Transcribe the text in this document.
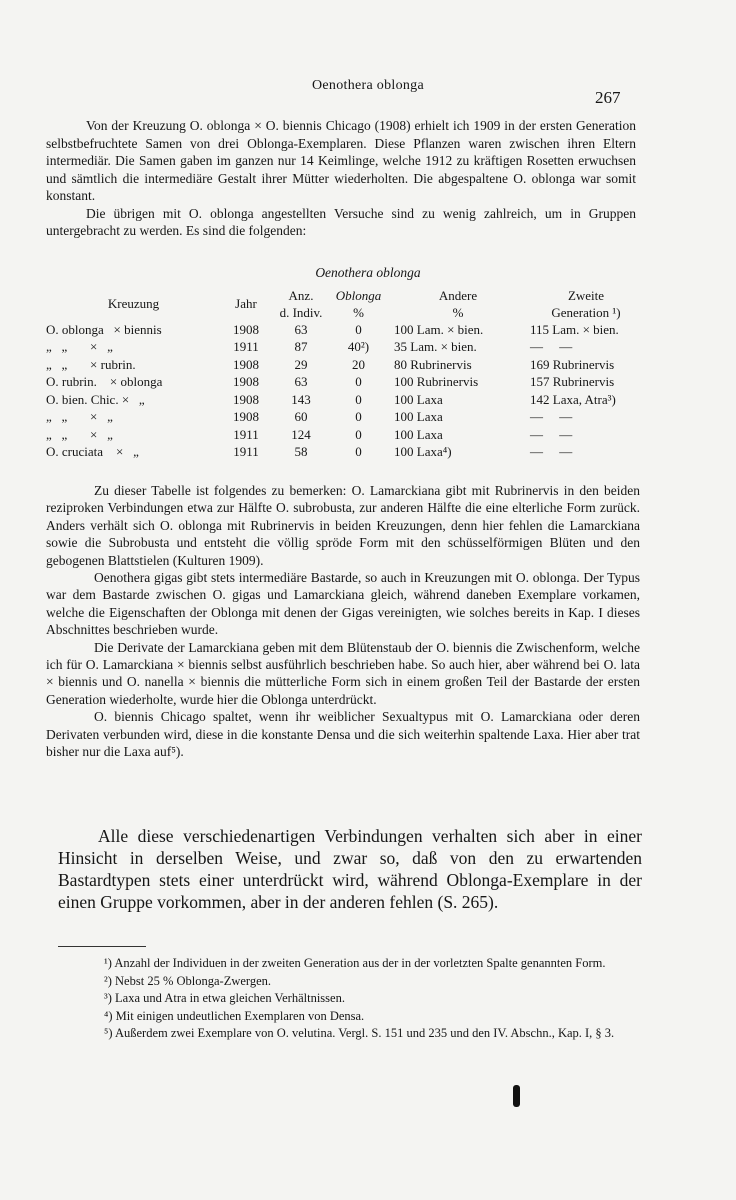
Oenothera oblonga
267

Von der Kreuzung O. oblonga × O. biennis Chicago (1908) erhielt ich 1909 in der ersten Generation selbstbefruchtete Samen von drei Oblonga-Exemplaren. Diese Pflanzen waren zwischen ihren Eltern intermediär. Die Samen gaben im ganzen nur 14 Keimlinge, welche 1912 zu kräftigen Rosetten erwuchsen und sämtlich die intermediäre Gestalt ihrer Mütter wiederholten. Die abgespaltene O. oblonga war somit konstant.

Die übrigen mit O. oblonga angestellten Versuche sind zu wenig zahlreich, um in Gruppen untergebracht zu werden. Es sind die folgenden:

Oenothera oblonga
Kreuzung	Jahr	Anz.	Oblonga	Andere	Zweite
		d. Indiv.	%	%	Generation ¹)
O. oblonga   × biennis	1908	63	0	100 Lam. × bien.	115 Lam. × bien.
„   „       ×   „	1911	87	40²)	35 Lam. × bien.	—     —
„   „       × rubrin.	1908	29	20	80 Rubrinervis	169 Rubrinervis
O. rubrin.    × oblonga	1908	63	0	100 Rubrinervis	157 Rubrinervis
O. bien. Chic. ×   „	1908	143	0	100 Laxa	142 Laxa, Atra³)
„   „       ×   „	1908	60	0	100 Laxa	—     —
„   „       ×   „	1911	124	0	100 Laxa	—     —
O. cruciata    ×   „	1911	58	0	100 Laxa⁴)	—     —

Zu dieser Tabelle ist folgendes zu bemerken: O. Lamarckiana gibt mit Rubrinervis in den beiden reziproken Verbindungen etwa zur Hälfte O. subrobusta, zur anderen Hälfte die eine elterliche Form zurück. Anders verhält sich O. oblonga mit Rubrinervis in beiden Kreuzungen, denn hier fehlen die Lamarckiana sowie die Subrobusta und entsteht die völlig spröde Form mit den schüsselförmigen Blüten und den gebogenen Blattstielen (Kulturen 1909).

Oenothera gigas gibt stets intermediäre Bastarde, so auch in Kreuzungen mit O. oblonga. Der Typus war dem Bastarde zwischen O. gigas und Lamarckiana gleich, während daneben Exemplare vorkamen, welche die Eigenschaften der Oblonga mit denen der Gigas vereinigten, wie solches bereits in Kap. I dieses Abschnittes beschrieben wurde.

Die Derivate der Lamarckiana geben mit dem Blütenstaub der O. biennis die Zwischenform, welche ich für O. Lamarckiana × biennis selbst ausführlich beschrieben habe. So auch hier, aber während bei O. lata × biennis und O. nanella × biennis die mütterliche Form sich in einem großen Teil der Bastarde der ersten Generation wiederholte, wurde hier die Oblonga unterdrückt.

O. biennis Chicago spaltet, wenn ihr weiblicher Sexualtypus mit O. Lamarckiana oder deren Derivaten verbunden wird, diese in die konstante Densa und die sich weiterhin spaltende Laxa. Hier aber trat bisher nur die Laxa auf⁵).

Alle diese verschiedenartigen Verbindungen verhalten sich aber in einer Hinsicht in derselben Weise, und zwar so, daß von den zu erwartenden Bastardtypen stets einer unterdrückt wird, während Oblonga-Exemplare in der einen Gruppe vorkommen, aber in der anderen fehlen (S. 265).

¹) Anzahl der Individuen in der zweiten Generation aus der in der vorletzten Spalte genannten Form.

²) Nebst 25 % Oblonga-Zwergen.

³) Laxa und Atra in etwa gleichen Verhältnissen.

⁴) Mit einigen undeutlichen Exemplaren von Densa.

⁵) Außerdem zwei Exemplare von O. velutina. Vergl. S. 151 und 235 und den IV. Abschn., Kap. I, § 3.
